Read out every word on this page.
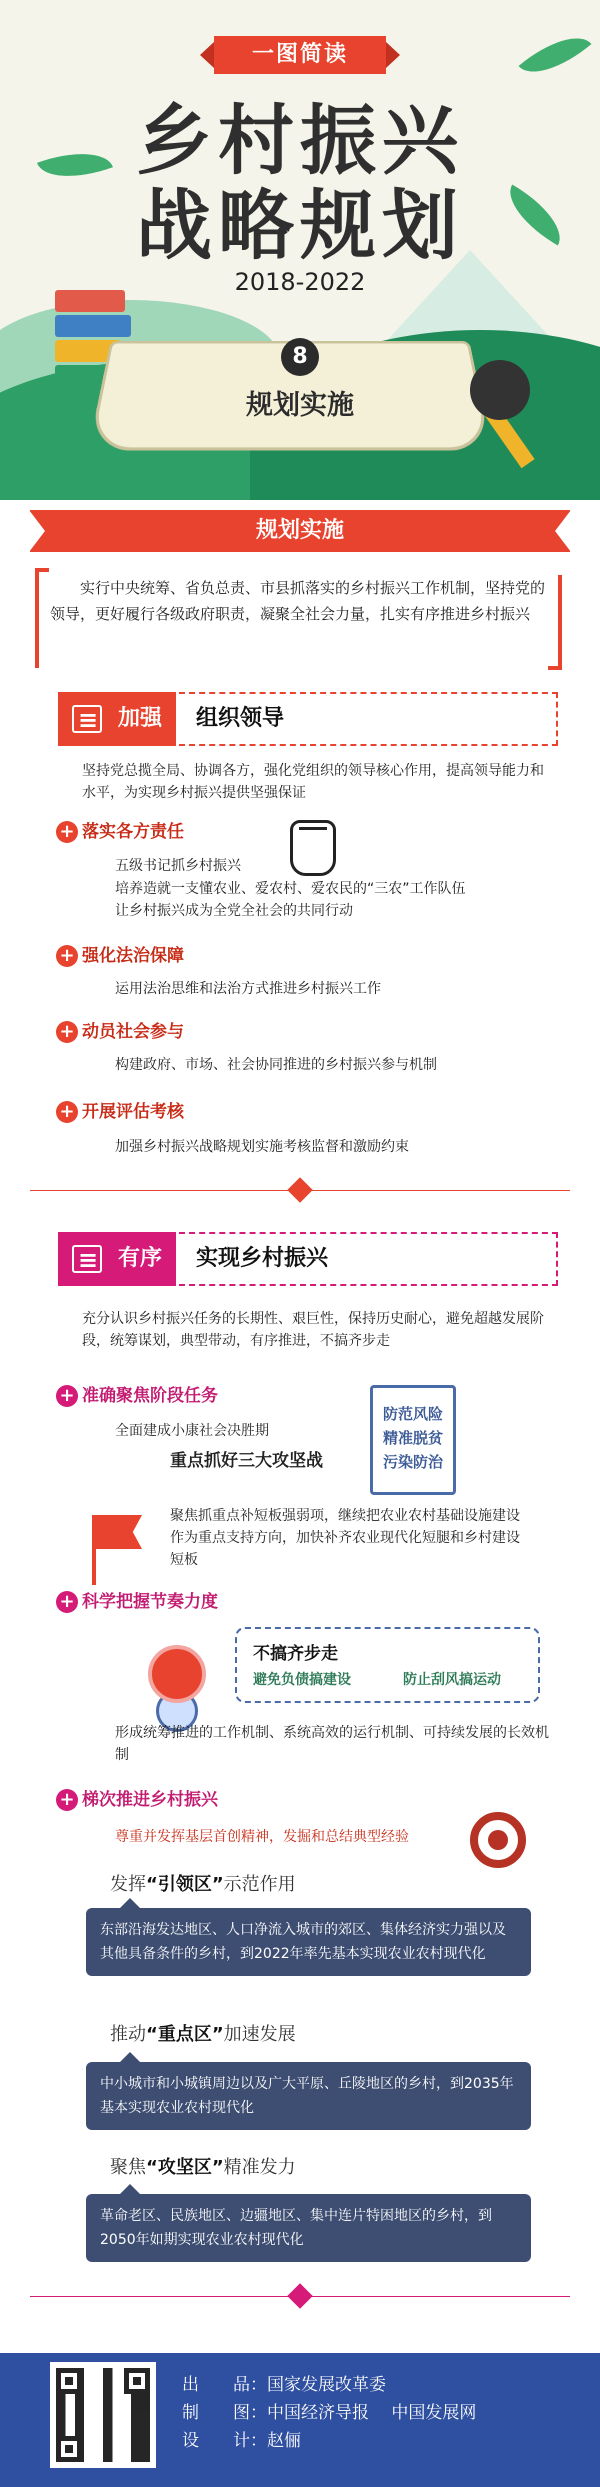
一图简读
乡村振兴
战略规划
2018-2022
8
规划实施
规划实施
实行中央统筹、省负总责、市县抓落实的乡村振兴工作机制，坚持党的领导，更好履行各级政府职责，凝聚全社会力量，扎实有序推进乡村振兴
≡
加强	组织领导
坚持党总揽全局、协调各方，强化党组织的领导核心作用，提高领导能力和水平，为实现乡村振兴提供坚强保证
+ 落实各方责任
五级书记抓乡村振兴
培养造就一支懂农业、爱农村、爱农民的“三农”工作队伍
让乡村振兴成为全党全社会的共同行动
+ 强化法治保障
运用法治思维和法治方式推进乡村振兴工作
+ 动员社会参与
构建政府、市场、社会协同推进的乡村振兴参与机制
+ 开展评估考核
加强乡村振兴战略规划实施考核监督和激励约束
≡
有序	实现乡村振兴
充分认识乡村振兴任务的长期性、艰巨性，保持历史耐心，避免超越发展阶段，统筹谋划，典型带动，有序推进，不搞齐步走
+ 准确聚焦阶段任务
全面建成小康社会决胜期
重点抓好三大攻坚战
防范风险
精准脱贫
污染防治
聚焦抓重点补短板强弱项，继续把农业农村基础设施建设作为重点支持方向，加快补齐农业现代化短腿和乡村建设短板
+ 科学把握节奏力度
不搞齐步走
避免负债搞建设	防止刮风搞运动
形成统筹推进的工作机制、系统高效的运行机制、可持续发展的长效机制
+ 梯次推进乡村振兴
尊重并发挥基层首创精神，发掘和总结典型经验
发挥“引领区”示范作用
东部沿海发达地区、人口净流入城市的郊区、集体经济实力强以及其他具备条件的乡村，到2022年率先基本实现农业农村现代化
推动“重点区”加速发展
中小城市和小城镇周边以及广大平原、丘陵地区的乡村，到2035年基本实现农业农村现代化
聚焦“攻坚区”精准发力
革命老区、民族地区、边疆地区、集中连片特困地区的乡村，到2050年如期实现农业农村现代化
出　　品：国家发展改革委
制　　图：中国经济导报　 中国发展网
设　　计：赵俪
